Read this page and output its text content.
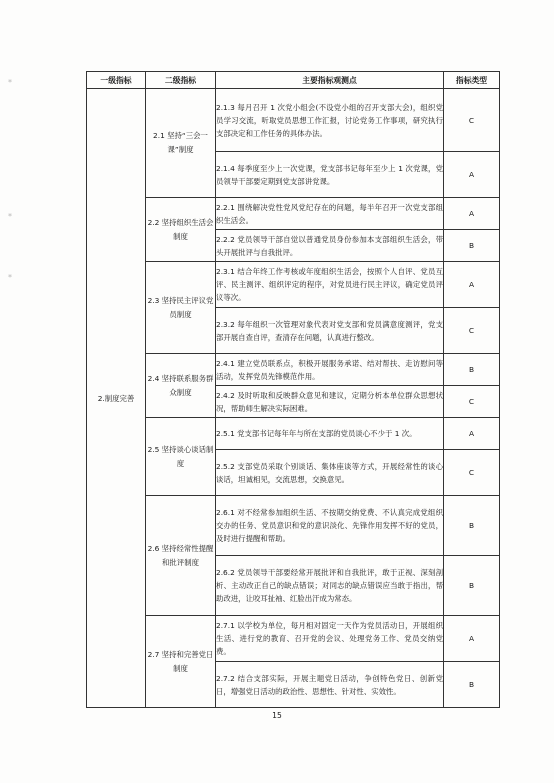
*
*
*
一级指标	二级指标	主要指标观测点	指标类型
2.制度完善	2.1 坚持“三会一课”制度	2.1.3 每月召开 1 次党小组会(不设党小组的召开支部大会)，组织党员学习交流，听取党员思想工作汇报，讨论党务工作事项，研究执行支部决定和工作任务的具体办法。	C
		2.1.4 每季度至少上一次党课，党支部书记每年至少上 1 次党课，党员领导干部要定期到党支部讲党课。	A
	2.2 坚持组织生活会制度	2.2.1 围绕解决党性党风党纪存在的问题，每半年召开一次党支部组织生活会。	A
		2.2.2 党员领导干部自觉以普通党员身份参加本支部组织生活会，带头开展批评与自我批评。	B
	2.3 坚持民主评议党员制度	2.3.1 结合年终工作考核或年度组织生活会，按照个人自评、党员互评、民主测评、组织评定的程序，对党员进行民主评议，确定党员评议等次。	A
		2.3.2 每年组织一次管理对象代表对党支部和党员满意度测评，党支部开展自查自评，查清存在问题，认真进行整改。	C
	2.4 坚持联系服务群众制度	2.4.1 建立党员联系点，积极开展服务承诺、结对帮扶、走访慰问等活动，发挥党员先锋模范作用。	B
		2.4.2 及时听取和反映群众意见和建议，定期分析本单位群众思想状况，帮助师生解决实际困难。	C
	2.5 坚持谈心谈话制度	2.5.1 党支部书记每年年与所在支部的党员谈心不少于 1 次。	A
		2.5.2 支部党员采取个别谈话、集体座谈等方式，开展经常性的谈心谈话，坦诚相见，交流思想，交换意见。	C
	2.6 坚持经常性提醒和批评制度	2.6.1 对不经常参加组织生活、不按期交纳党费、不认真完成党组织交办的任务、党员意识和党的意识淡化、先锋作用发挥不好的党员，及时进行提醒和帮助。	B
		2.6.2 党员领导干部要经常开展批评和自我批评，敢于正视、深刻剖析、主动改正自己的缺点错误；对同志的缺点错误应当敢于指出，帮助改进，让咬耳扯袖、红脸出汗成为常态。	B
	2.7 坚持和完善党日制度	2.7.1 以学校为单位，每月相对固定一天作为党员活动日，开展组织生活、进行党的教育、召开党的会议、处理党务工作、党员交纳党费。	A
		2.7.2 结合支部实际，开展主题党日活动，争创特色党日、创新党日，增强党日活动的政治性、思想性、针对性、实效性。	B
15
